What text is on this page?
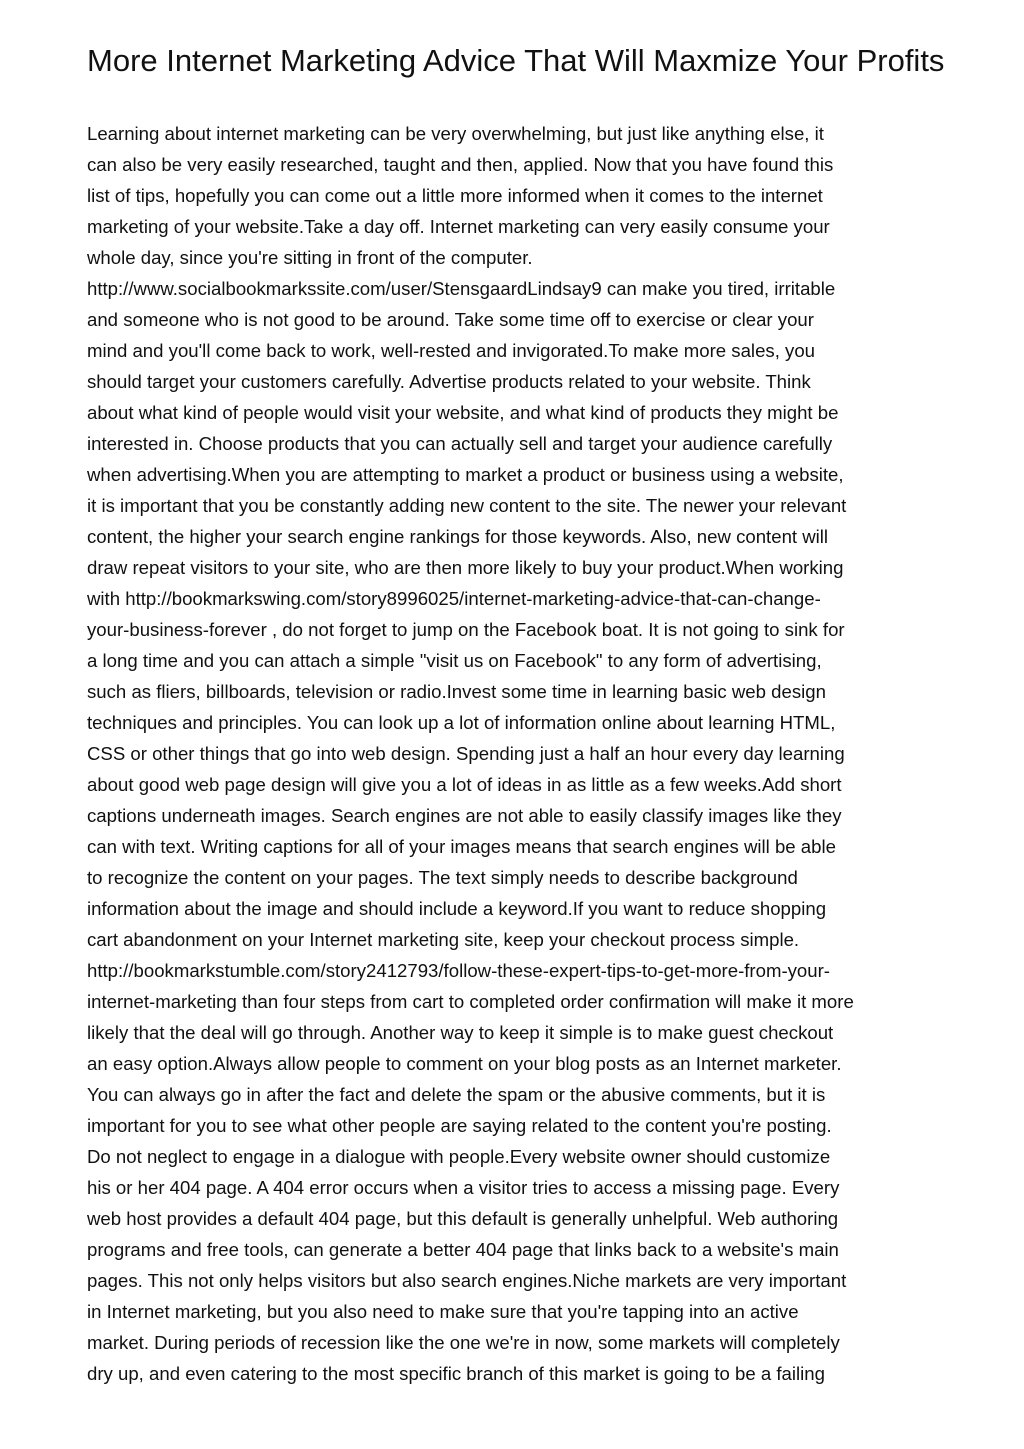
More Internet Marketing Advice That Will Maxmize Your Profits
Learning about internet marketing can be very overwhelming, but just like anything else, it
can also be very easily researched, taught and then, applied. Now that you have found this
list of tips, hopefully you can come out a little more informed when it comes to the internet
marketing of your website.Take a day off. Internet marketing can very easily consume your
whole day, since you're sitting in front of the computer.
http://www.socialbookmarkssite.com/user/StensgaardLindsay9 can make you tired, irritable
and someone who is not good to be around. Take some time off to exercise or clear your
mind and you'll come back to work, well-rested and invigorated.To make more sales, you
should target your customers carefully. Advertise products related to your website. Think
about what kind of people would visit your website, and what kind of products they might be
interested in. Choose products that you can actually sell and target your audience carefully
when advertising.When you are attempting to market a product or business using a website,
it is important that you be constantly adding new content to the site. The newer your relevant
content, the higher your search engine rankings for those keywords. Also, new content will
draw repeat visitors to your site, who are then more likely to buy your product.When working
with http://bookmarkswing.com/story8996025/internet-marketing-advice-that-can-change-
your-business-forever , do not forget to jump on the Facebook boat. It is not going to sink for
a long time and you can attach a simple "visit us on Facebook" to any form of advertising,
such as fliers, billboards, television or radio.Invest some time in learning basic web design
techniques and principles. You can look up a lot of information online about learning HTML,
CSS or other things that go into web design. Spending just a half an hour every day learning
about good web page design will give you a lot of ideas in as little as a few weeks.Add short
captions underneath images. Search engines are not able to easily classify images like they
can with text. Writing captions for all of your images means that search engines will be able
to recognize the content on your pages. The text simply needs to describe background
information about the image and should include a keyword.If you want to reduce shopping
cart abandonment on your Internet marketing site, keep your checkout process simple.
http://bookmarkstumble.com/story2412793/follow-these-expert-tips-to-get-more-from-your-
internet-marketing than four steps from cart to completed order confirmation will make it more
likely that the deal will go through. Another way to keep it simple is to make guest checkout
an easy option.Always allow people to comment on your blog posts as an Internet marketer.
You can always go in after the fact and delete the spam or the abusive comments, but it is
important for you to see what other people are saying related to the content you're posting.
Do not neglect to engage in a dialogue with people.Every website owner should customize
his or her 404 page. A 404 error occurs when a visitor tries to access a missing page. Every
web host provides a default 404 page, but this default is generally unhelpful. Web authoring
programs and free tools, can generate a better 404 page that links back to a website's main
pages. This not only helps visitors but also search engines.Niche markets are very important
in Internet marketing, but you also need to make sure that you're tapping into an active
market. During periods of recession like the one we're in now, some markets will completely
dry up, and even catering to the most specific branch of this market is going to be a failing
